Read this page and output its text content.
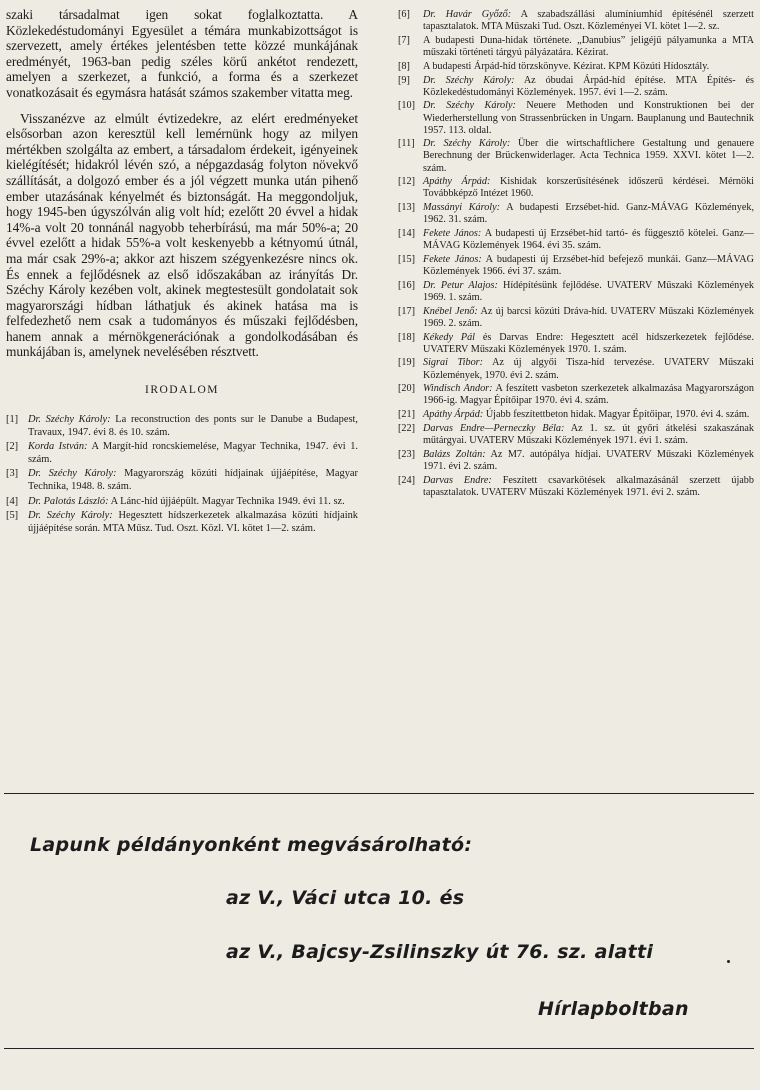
szaki társadalmat igen sokat foglalkoztatta. A Közlekedéstudományi Egyesület a témára munkabizottságot is szervezett, amely értékes jelentésben tette közzé munkájának eredményét, 1963-ban pedig széles körű ankétot rendezett, amelyen a szerkezet, a funkció, a forma és a szerkezet vonatkozásait és egymásra hatását számos szakember vitatta meg.

Visszanézve az elmúlt évtizedekre, az elért eredményeket elsősorban azon keresztül kell lemérnünk hogy az milyen mértékben szolgálta az embert, a társadalom érdekeit, igényeinek kielégítését; hidakról lévén szó, a népgazdaság folyton növekvő szállítását, a dolgozó ember és a jól végzett munka után pihenő ember utazásának kényelmét és biztonságát. Ha meggondoljuk, hogy 1945-ben úgyszólván alig volt híd; ezelőtt 20 évvel a hidak 14%-a volt 20 tonnánál nagyobb teherbírású, ma már 50%-a; 20 évvel ezelőtt a hidak 55%-a volt keskenyebb a kétnyomú útnál, ma már csak 29%-a; akkor azt hiszem szégyenkezésre nincs ok. És ennek a fejlődésnek az első időszakában az irányítás Dr. Széchy Károly kezében volt, akinek megtestesült gondolatait sok magyarországi hídban láthatjuk és akinek hatása ma is felfedezhető nem csak a tudományos és műszaki fejlődésben, hanem annak a mérnökgenerációnak a gondolkodásában és munkájában is, amelynek nevelésében résztvett.

IRODALOM
[1] Dr. Széchy Károly: La reconstruction des ponts sur le Danube a Budapest, Travaux, 1947. évi 8. és 10. szám.
[2] Korda István: A Margít-híd roncskiemelése, Magyar Technika, 1947. évi 1. szám.
[3] Dr. Széchy Károly: Magyarország közúti hídjainak újjáépítése, Magyar Technika, 1948. 8. szám.
[4] Dr. Palotás László: A Lánc-híd újjáépült. Magyar Technika 1949. évi 11. sz.
[5] Dr. Széchy Károly: Hegesztett hídszerkezetek alkalmazása közúti hídjaink újjáépítése során. MTA Műsz. Tud. Oszt. Közl. VI. kötet 1—2. szám.
[6]	Dr. Havár Győző: A szabadszállási alumíniumhíd építésénél szerzett tapasztalatok. MTA Műszaki Tud. Oszt. Közleményei VI. kötet 1—2. sz.
[7]	A budapesti Duna-hidak története. „Danubius” jeligéjű pályamunka a MTA műszaki történeti tárgyú pályázatára. Kézirat.
[8]	A budapesti Árpád-híd törzskönyve. Kézirat. KPM Közúti Hídosztály.
[9]	Dr. Széchy Károly: Az óbudai Árpád-híd építése. MTA Építés- és Közlekedéstudományi Közlemények. 1957. évi 1—2. szám.
[10] Dr. Széchy Károly: Neuere Methoden und Konstruktionen bei der Wiederherstellung von Strassenbrücken in Ungarn. Bauplanung und Bautechnik 1957. 113. oldal.
[11] Dr. Széchy Károly: Über die wirtschaftlichere Gestaltung und genauere Berechnung der Brückenwiderlager. Acta Technica 1959. XXVI. kötet 1—2. szám.
[12] Apáthy Árpád: Kishidak korszerűsítésének időszerű kérdései. Mérnöki Továbbképző Intézet 1960.
[13] Massányi Károly: A budapesti Erzsébet-híd. Ganz-MÁVAG Közlemények, 1962. 31. szám.
[14] Fekete János: A budapesti új Erzsébet-híd tartó- és függesztő kötelei. Ganz—MÁVAG Közlemények 1964. évi 35. szám.
[15] Fekete János: A budapesti új Erzsébet-híd befejező munkái. Ganz—MÁVAG Közlemények 1966. évi 37. szám.
[16] Dr. Petur Alajos: Hídépítésünk fejlődése. UVATERV Műszaki Közlemények 1969. 1. szám.
[17] Knébel Jenő: Az új barcsi közúti Dráva-híd. UVATERV Műszaki Közlemények 1969. 2. szám.
[18] Kékedy Pál és Darvas Endre: Hegesztett acél hídszerkezetek fejlődése. UVATERV Műszaki Közlemények 1970. 1. szám.
[19] Sigrai Tibor: Az új algyői Tisza-híd tervezése. UVATERV Műszaki Közlemények, 1970. évi 2. szám.
[20] Windisch Andor: A feszített vasbeton szerkezetek alkalmazása Magyarországon 1966-ig. Magyar Építőipar 1970. évi 4. szám.
[21] Apáthy Árpád: Újabb feszítettbeton hidak. Magyar Építőipar, 1970. évi 4. szám.
[22] Darvas Endre—Perneczky Béla: Az 1. sz. út győri átkelési szakaszának műtárgyai. UVATERV Műszaki Közlemények 1971. évi 1. szám.
[23] Balázs Zoltán: Az M7. autópálya hídjai. UVATERV Műszaki Közlemények 1971. évi 2. szám.
[24] Darvas Endre: Feszített csavarkötések alkalmazásánál szerzett újabb tapasztalatok. UVATERV Műszaki Közlemények 1971. évi 2. szám.
Lapunk példányonként megvásárolható:
az V., Váci utca 10. és
az V., Bajcsy-Zsilinszky út 76. sz. alatti
Hírlapboltban
